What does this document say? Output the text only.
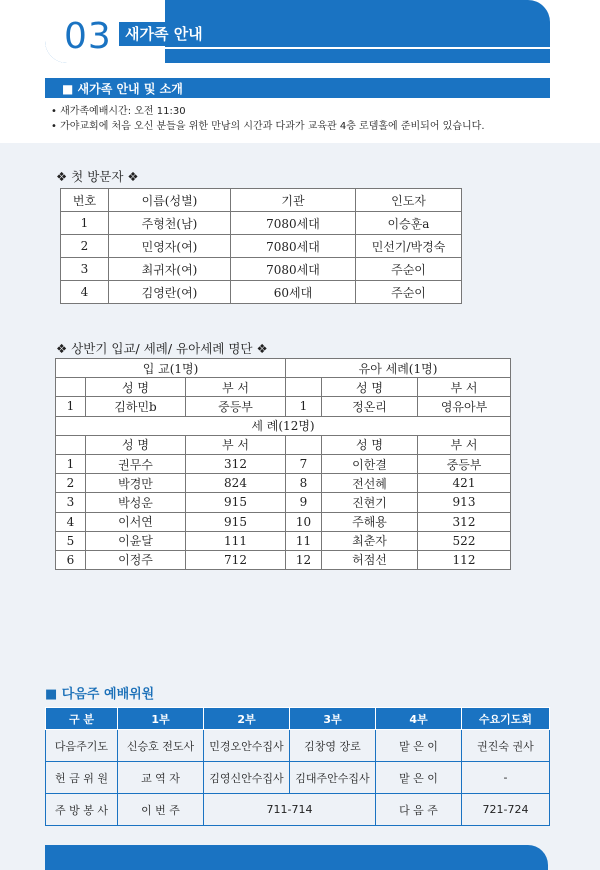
03 새가족 안내
■ 새가족 안내 및 소개

• 새가족예배시간: 오전 11:30

• 가야교회에 처음 오신 분들을 위한 만남의 시간과 다과가 교육관 4층 로뎀홀에 준비되어 있습니다.

❖ 첫 방문자 ❖
번호	이름(성별)	기관	인도자
1	주형천(남)	7080세대	이승훈a
2	민영자(여)	7080세대	민선기/박경숙
3	최귀자(여)	7080세대	주순이
4	김영란(여)	60세대	주순이
❖ 상반기 입교/ 세례/ 유아세례 명단 ❖
입 교(1명)			유아 세례(1명)		
	성 명	부 서		성 명	부 서
1	김하민b	중등부	1	정온리	영유아부
세 례(12명)					
	성 명	부 서		성 명	부 서
1	권무수	312	7	이한결	중등부
2	박경만	824	8	전선혜	421
3	박성운	915	9	진현기	913
4	이서연	915	10	주해용	312
5	이윤달	111	11	최춘자	522
6	이정주	712	12	허점선	112
■ 다음주 예배위원
구 분	1부	2부	3부	4부	수요기도회
다음주기도	신승호 전도사	민경오안수집사	김창영 장로	맡 은 이	권진숙 권사
헌 금 위 원	교 역 자	김영신안수집사	김대주안수집사	맡 은 이	-
주 방 봉 사	이 번 주	711-714		다 음 주	721-724
